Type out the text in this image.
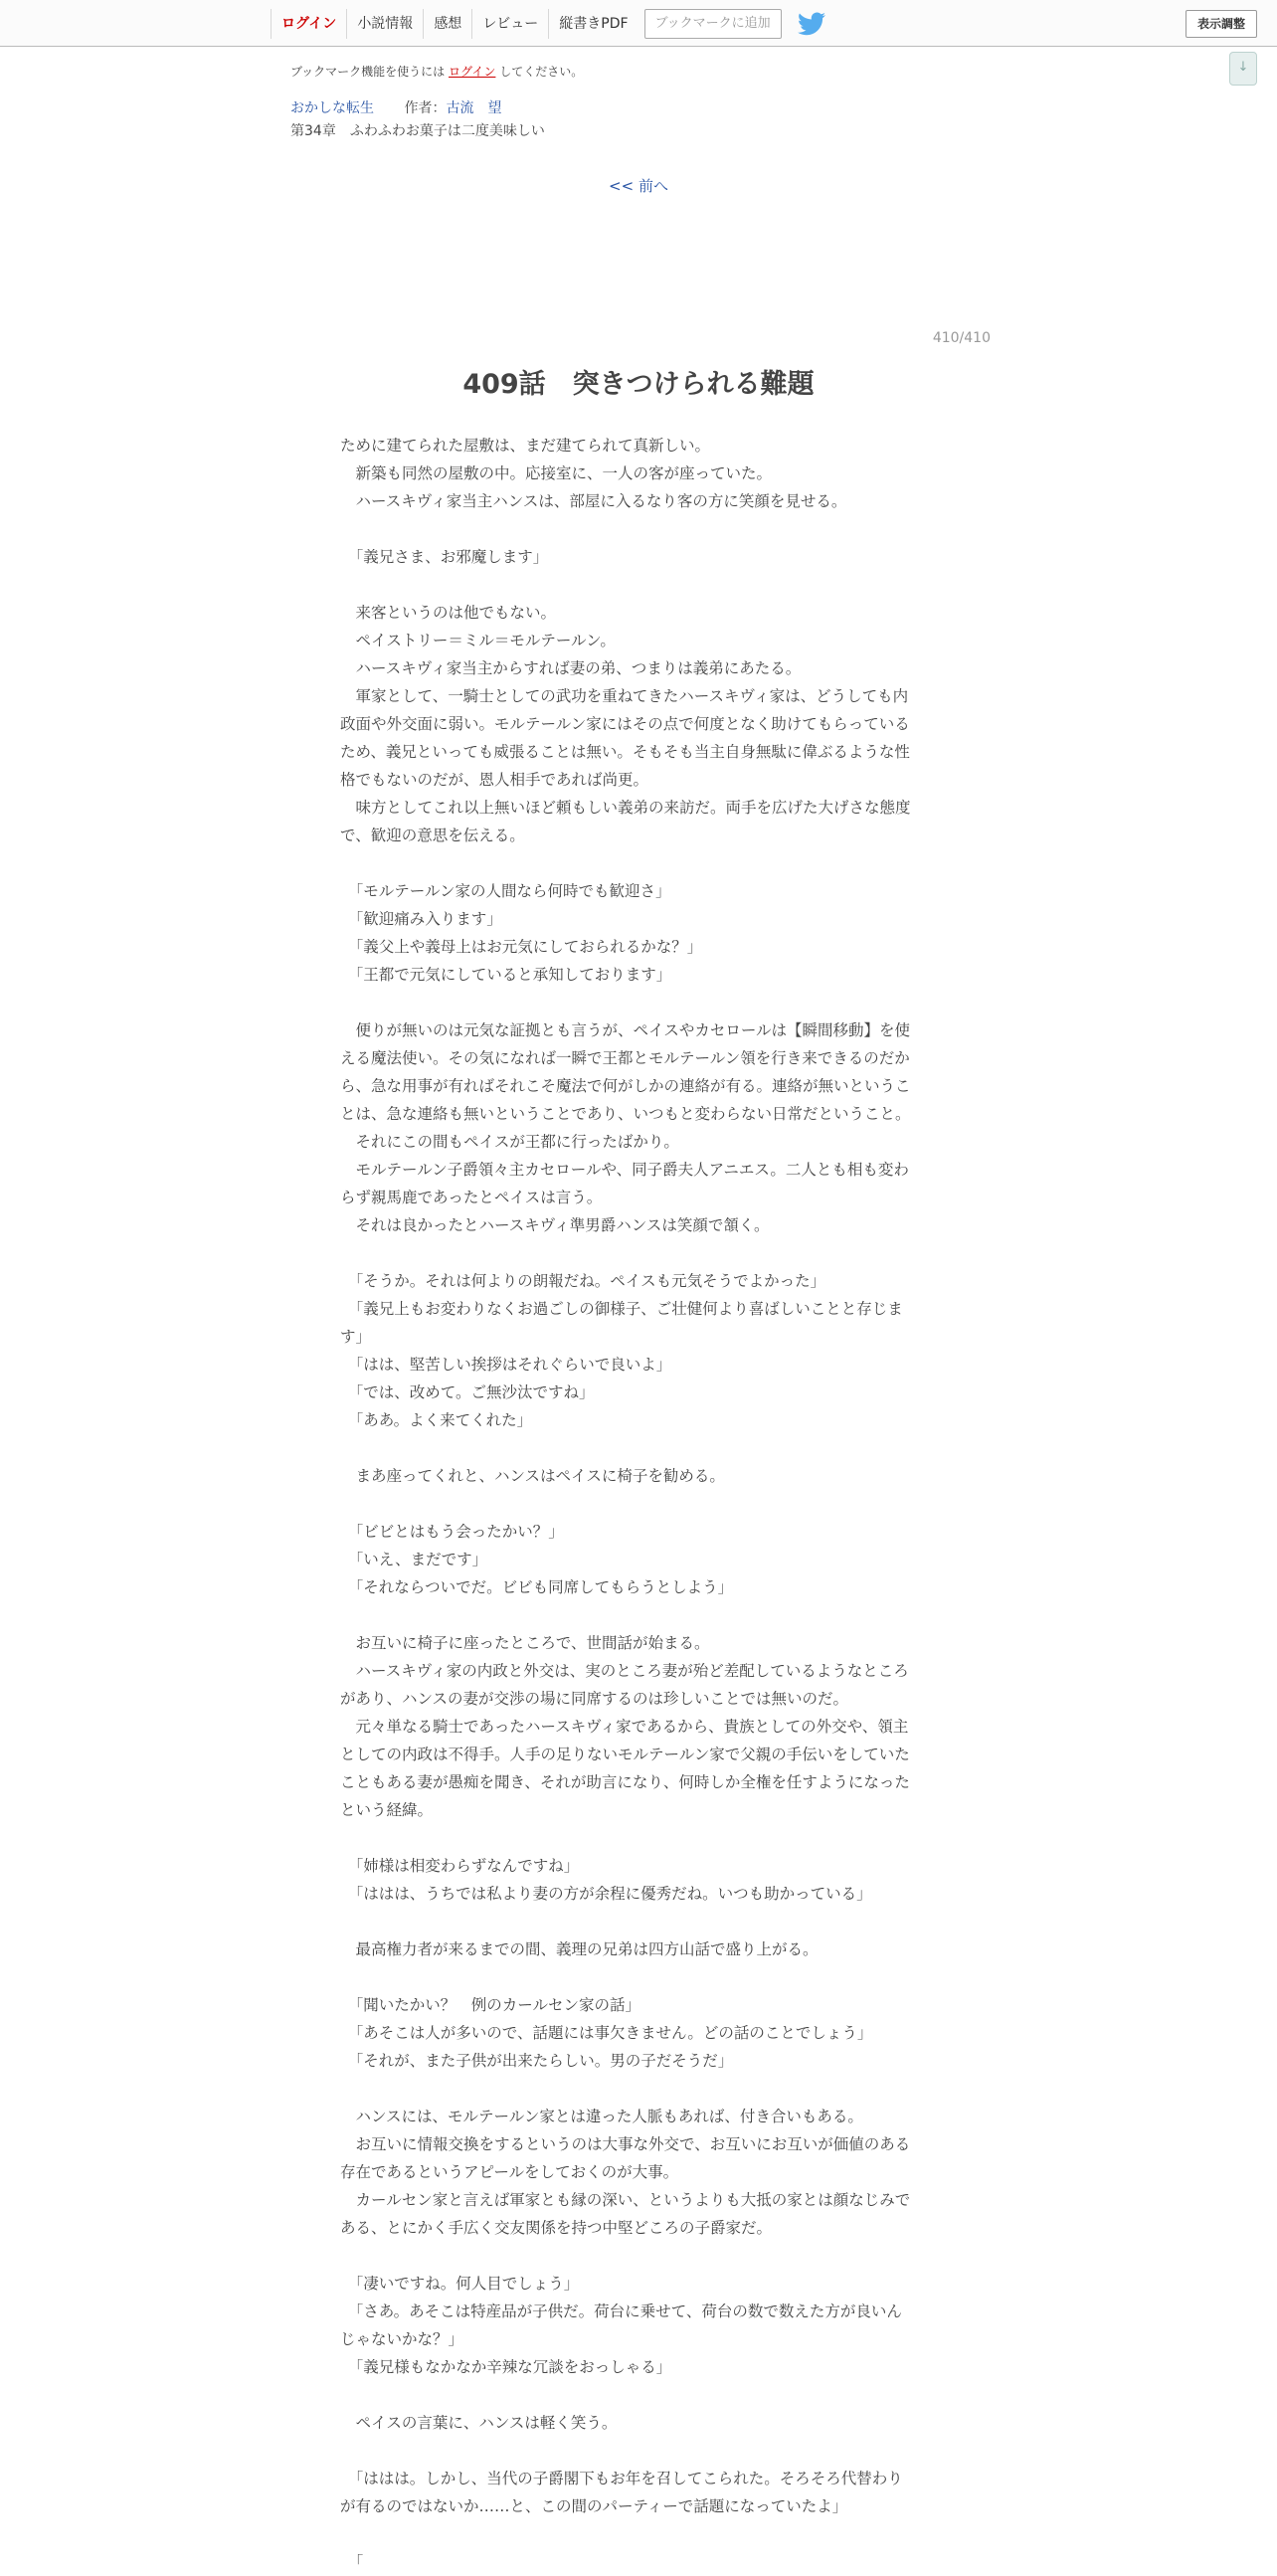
ログイン	小説情報	感想	レビュー	縦書きPDF	ブックマークに追加	表示調整
↓
ブックマーク機能を使うには ログイン してください。
おかしな転生 作者：古流　望
第34章　ふわふわお菓子は二度美味しい
<< 前へ
410/410
409話　突きつけられる難題

ために建てられた屋敷は、まだ建てられて真新しい。

　新築も同然の屋敷の中。応接室に、一人の客が座っていた。

　ハースキヴィ家当主ハンスは、部屋に入るなり客の方に笑顔を見せる。

　「義兄さま、お邪魔します」

　来客というのは他でもない。

　ペイストリー＝ミル＝モルテールン。

　ハースキヴィ家当主からすれば妻の弟、つまりは義弟にあたる。

　軍家として、一騎士としての武功を重ねてきたハースキヴィ家は、どうしても内

政面や外交面に弱い。モルテールン家にはその点で何度となく助けてもらっている

ため、義兄といっても威張ることは無い。そもそも当主自身無駄に偉ぶるような性

格でもないのだが、恩人相手であれば尚更。

　味方としてこれ以上無いほど頼もしい義弟の来訪だ。両手を広げた大げさな態度

で、歓迎の意思を伝える。

　「モルテールン家の人間なら何時でも歓迎さ」

　「歓迎痛み入ります」

　「義父上や義母上はお元気にしておられるかな？」

　「王都で元気にしていると承知しております」

　便りが無いのは元気な証拠とも言うが、ペイスやカセロールは【瞬間移動】を使

える魔法使い。その気になれば一瞬で王都とモルテールン領を行き来できるのだか

ら、急な用事が有ればそれこそ魔法で何がしかの連絡が有る。連絡が無いというこ

とは、急な連絡も無いということであり、いつもと変わらない日常だということ。

　それにこの間もペイスが王都に行ったばかり。

　モルテールン子爵領々主カセロールや、同子爵夫人アニエス。二人とも相も変わ

らず親馬鹿であったとペイスは言う。

　それは良かったとハースキヴィ準男爵ハンスは笑顔で頷く。

　「そうか。それは何よりの朗報だね。ペイスも元気そうでよかった」

　「義兄上もお変わりなくお過ごしの御様子、ご壮健何より喜ばしいことと存じま

す」

　「はは、堅苦しい挨拶はそれぐらいで良いよ」

　「では、改めて。ご無沙汰ですね」

　「ああ。よく来てくれた」

　まあ座ってくれと、ハンスはペイスに椅子を勧める。

　「ビビとはもう会ったかい？」

　「いえ、まだです」

　「それならついでだ。ビビも同席してもらうとしよう」

　お互いに椅子に座ったところで、世間話が始まる。

　ハースキヴィ家の内政と外交は、実のところ妻が殆ど差配しているようなところ

があり、ハンスの妻が交渉の場に同席するのは珍しいことでは無いのだ。

　元々単なる騎士であったハースキヴィ家であるから、貴族としての外交や、領主

としての内政は不得手。人手の足りないモルテールン家で父親の手伝いをしていた

こともある妻が愚痴を聞き、それが助言になり、何時しか全権を任すようになった

という経緯。

　「姉様は相変わらずなんですね」

　「ははは、うちでは私より妻の方が余程に優秀だね。いつも助かっている」

　最高権力者が来るまでの間、義理の兄弟は四方山話で盛り上がる。

　「聞いたかい？　例のカールセン家の話」

　「あそこは人が多いので、話題には事欠きません。どの話のことでしょう」

　「それが、また子供が出来たらしい。男の子だそうだ」

　ハンスには、モルテールン家とは違った人脈もあれば、付き合いもある。

　お互いに情報交換をするというのは大事な外交で、お互いにお互いが価値のある

存在であるというアピールをしておくのが大事。

　カールセン家と言えば軍家とも縁の深い、というよりも大抵の家とは顔なじみで

ある、とにかく手広く交友関係を持つ中堅どころの子爵家だ。

　「凄いですね。何人目でしょう」

　「さあ。あそこは特産品が子供だ。荷台に乗せて、荷台の数で数えた方が良いん

じゃないかな？」

　「義兄様もなかなか辛辣な冗談をおっしゃる」

　ペイスの言葉に、ハンスは軽く笑う。

　「ははは。しかし、当代の子爵閣下もお年を召してこられた。そろそろ代替わり

が有るのではないか……と、この間のパーティーで話題になっていたよ」

　「
